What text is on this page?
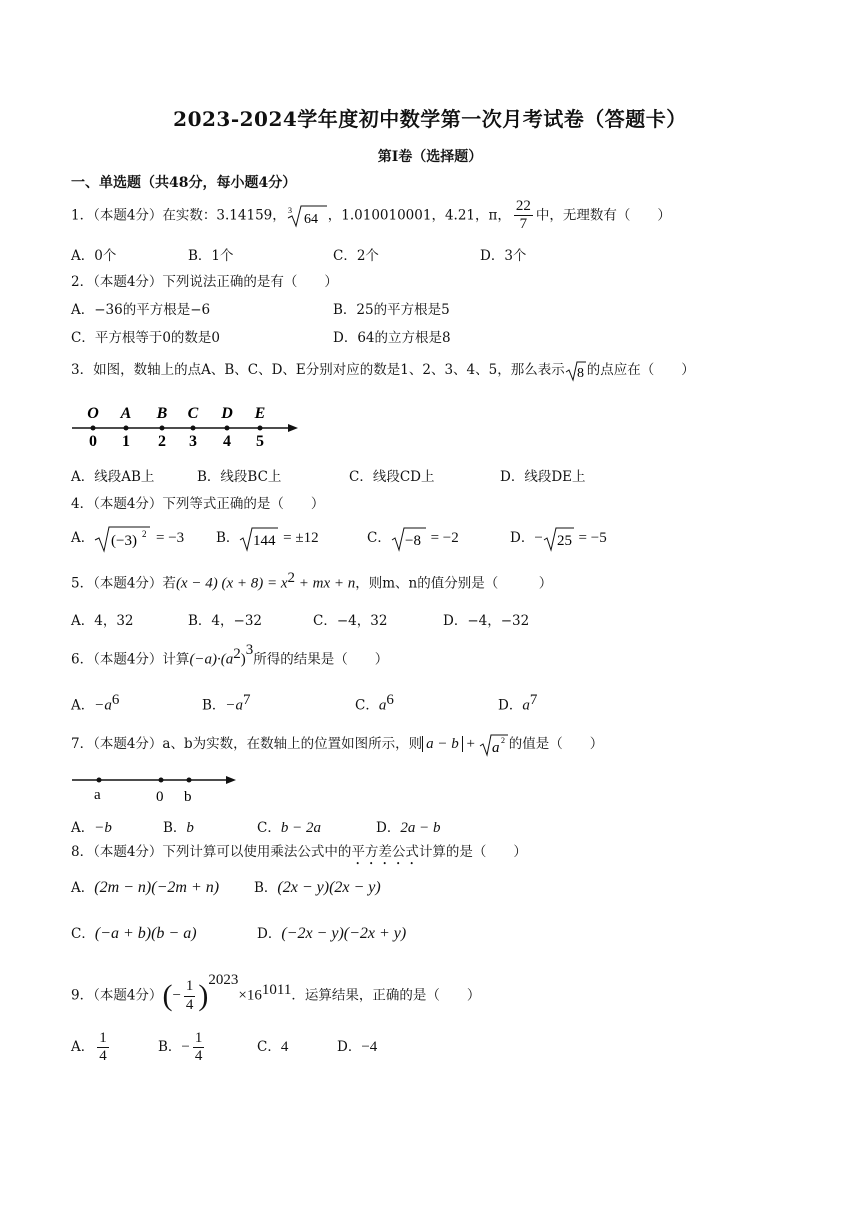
2023-2024学年度初中数学第一次月考试卷（答题卡）
第I卷（选择题）
一、单选题（共48分，每小题4分）
1．（本题4分）在实数：3.14159， 3
64 ，1.010010001，4.21，π， $\frac{22}{7}$ 中，无理数有（　　）
A．0个	B．1个	C．2个	D．3个
2．（本题4分）下列说法正确的是有（　　）
A．−36的平方根是−6	B．25的平方根是5
C．平方根等于0的数是0	D．64的立方根是8
3．如图，数轴上的点A、B、C、D、E分别对应的数是1、2、3、4、5，那么表示 8 的点应在（　　）
O
0
A
1
B
2
C
3
D
4
E
5
A．线段AB上	B．线段BC上	C．线段CD上	D．线段DE上
4．（本题4分）下列等式正确的是（　　）
A． (−3) 2 = −3 B． 144 = ±12	C． −8 = −2	D．− 25 = −5
5．（本题4分）若(x − 4) $(x + 8) = x^2$ + mx + n，则m、n的值分别是（　　　）
A．4，32	B．4，−32	C．−4，32	D．−4，−32
6．（本题4分）计算$(-a)\cdot(a^2)^3$所得的结果是（　　）
A．$-a^6$	B．$-a^7$	C．$a^6$	D．$a^7$
7．（本题4分）a、b为实数，在数轴上的位置如图所示，则 a − b + a 2 的值是（　　）
a	0 b
A．−b	B．b	C．b − 2a	D．2a − b
8．（本题4分）下列计算可以使用乘法公式中的平方差公式计算的是（　　）
A．(2m − n)(−2m + n)	B．(2x − y)(2x − y)
C．(−a + b)(b − a)	D．(−2x − y)(−2x + y)
9．（本题4分）(− $\frac{1}{4} )^{2023}\times 16^{1011}$．运算结果，正确的是（　　）
A． $\frac{1}{4}$	B．− $\frac{1}{4}$	C．4	D．−4
